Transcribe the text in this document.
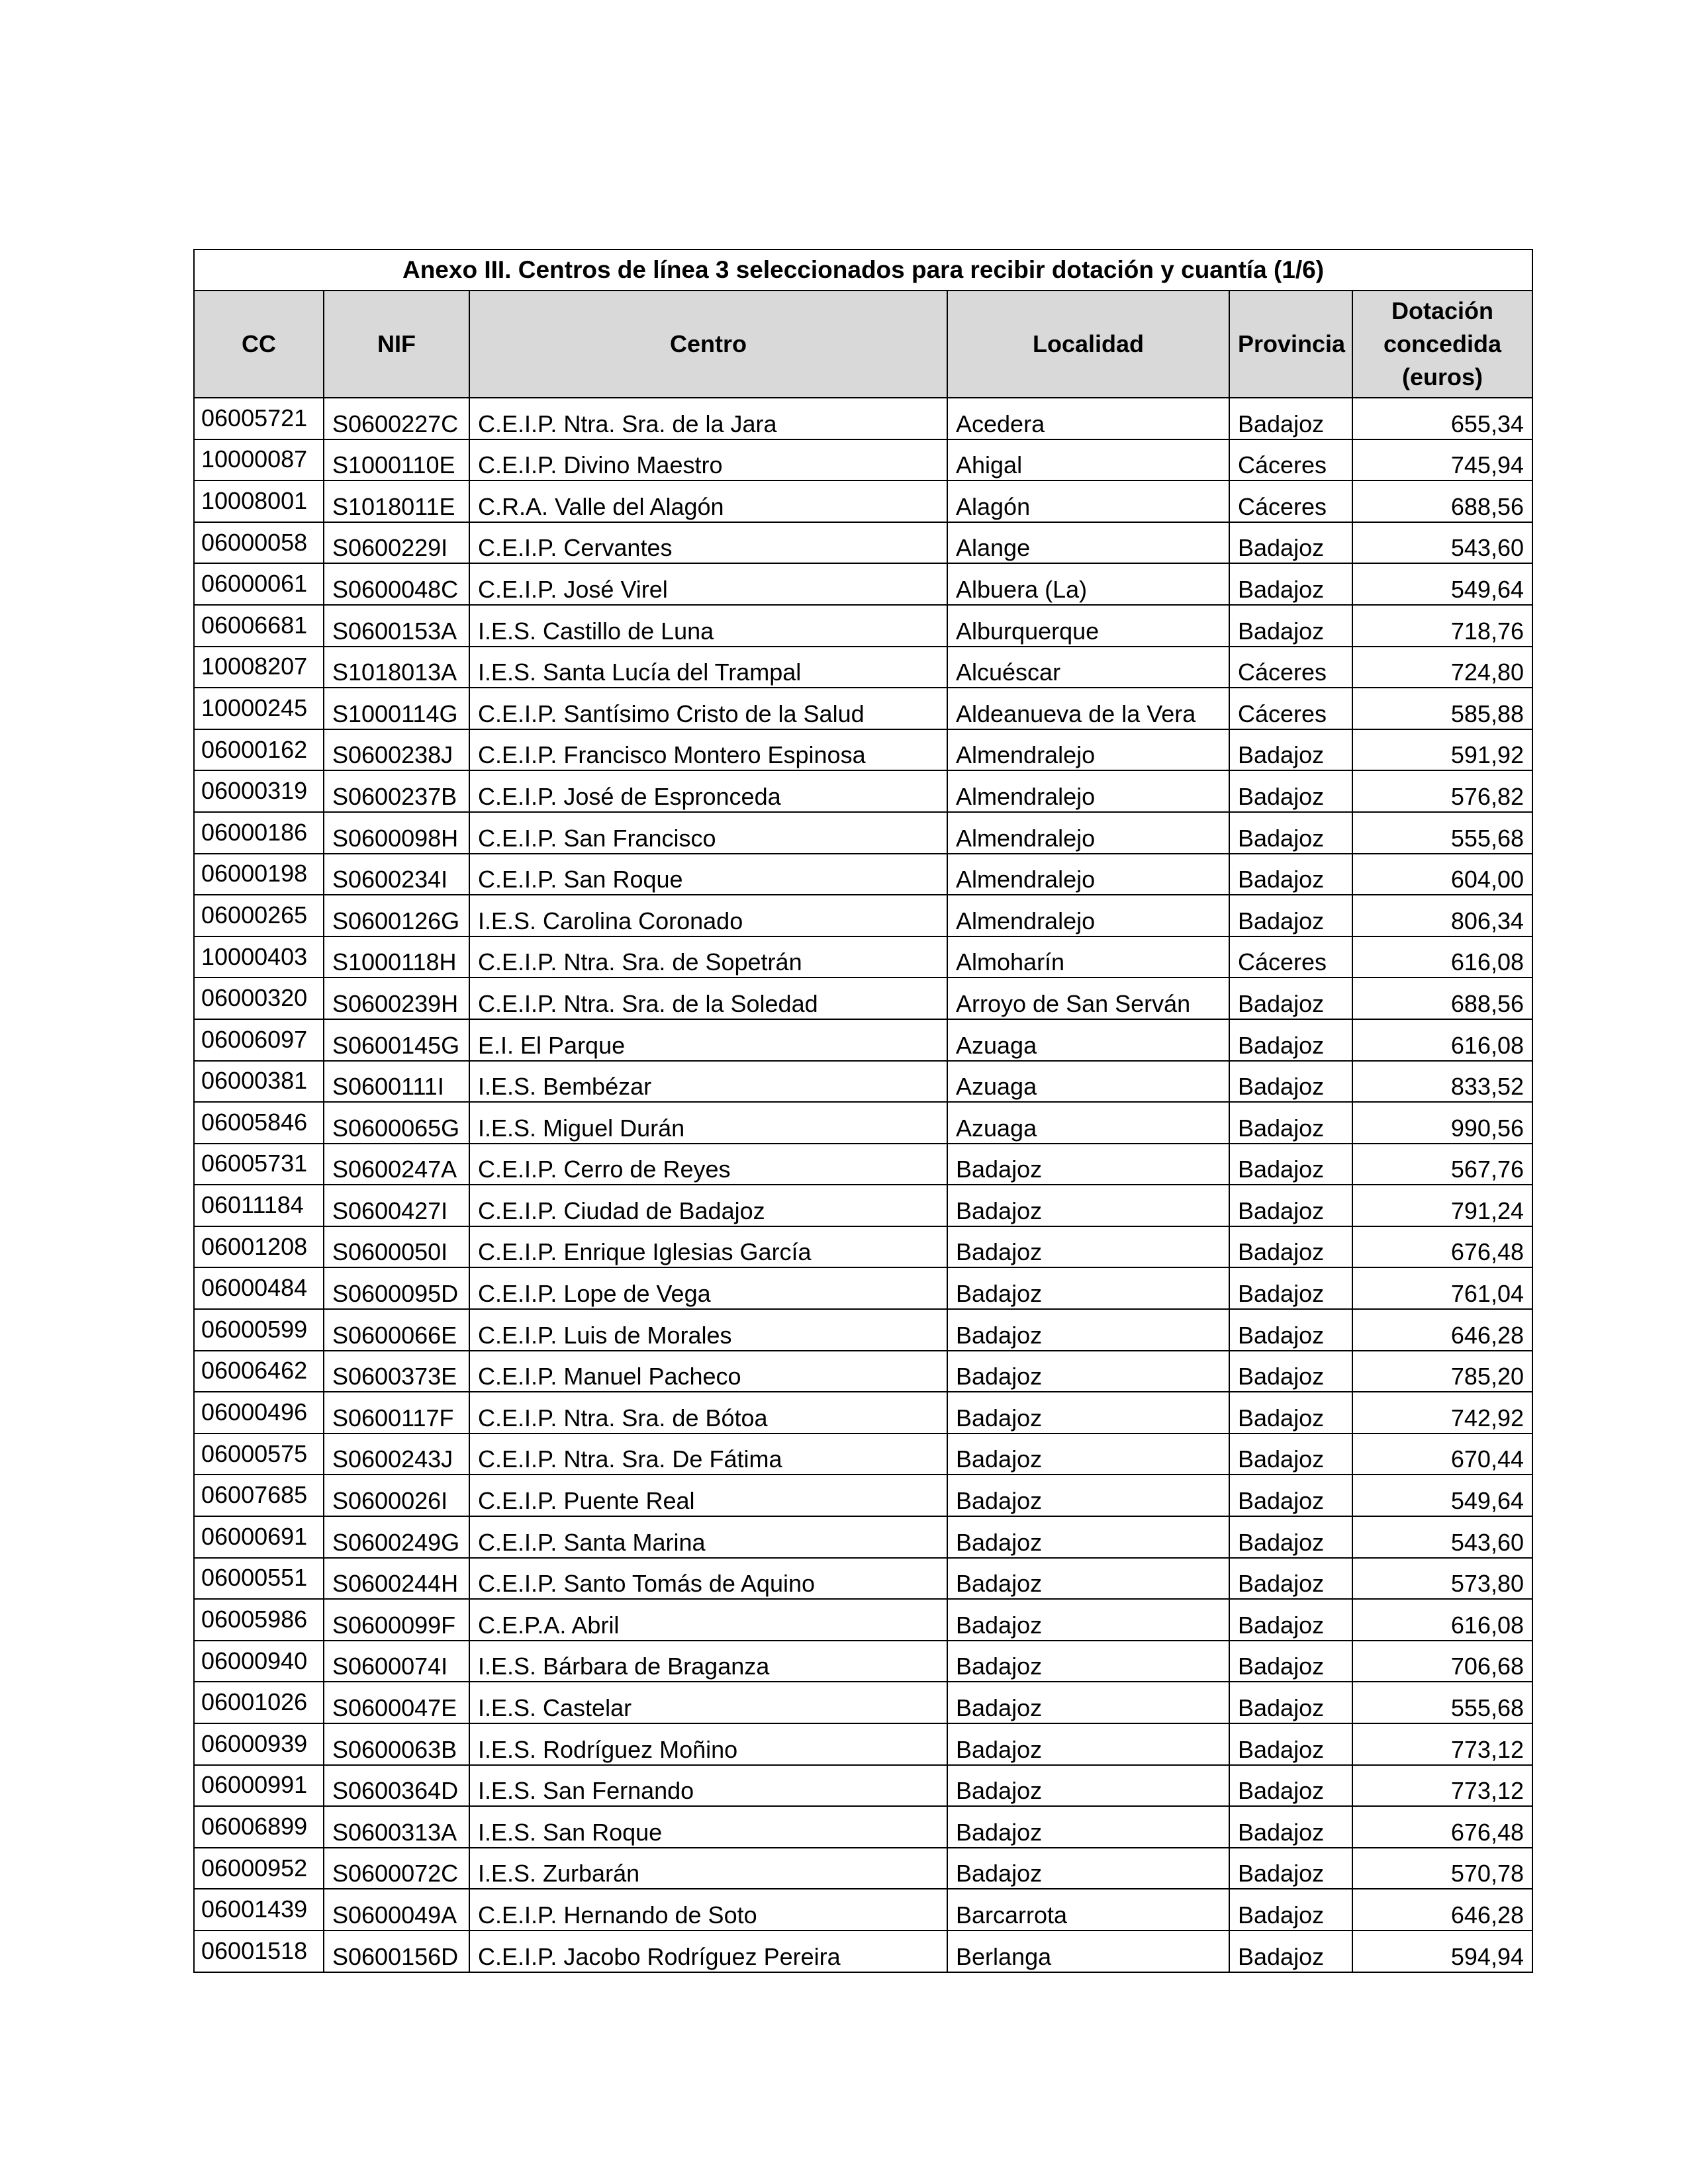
Anexo III. Centros de línea 3 seleccionados para recibir dotación y cuantía (1/6)					
CC	NIF	Centro	Localidad	Provincia	Dotación
concedida
(euros)

06005721	S0600227C	C.E.I.P. Ntra. Sra. de la Jara	Acedera	Badajoz	655,34
10000087	S1000110E	C.E.I.P. Divino Maestro	Ahigal	Cáceres	745,94
10008001	S1018011E	C.R.A. Valle del Alagón	Alagón	Cáceres	688,56
06000058	S0600229I	C.E.I.P. Cervantes	Alange	Badajoz	543,60
06000061	S0600048C	C.E.I.P. José Virel	Albuera (La)	Badajoz	549,64
06006681	S0600153A	I.E.S. Castillo de Luna	Alburquerque	Badajoz	718,76
10008207	S1018013A	I.E.S. Santa Lucía del Trampal	Alcuéscar	Cáceres	724,80
10000245	S1000114G	C.E.I.P. Santísimo Cristo de la Salud	Aldeanueva de la Vera	Cáceres	585,88
06000162	S0600238J	C.E.I.P. Francisco Montero Espinosa	Almendralejo	Badajoz	591,92
06000319	S0600237B	C.E.I.P. José de Espronceda	Almendralejo	Badajoz	576,82
06000186	S0600098H	C.E.I.P. San Francisco	Almendralejo	Badajoz	555,68
06000198	S0600234I	C.E.I.P. San Roque	Almendralejo	Badajoz	604,00
06000265	S0600126G	I.E.S. Carolina Coronado	Almendralejo	Badajoz	806,34
10000403	S1000118H	C.E.I.P. Ntra. Sra. de Sopetrán	Almoharín	Cáceres	616,08
06000320	S0600239H	C.E.I.P. Ntra. Sra. de la Soledad	Arroyo de San Serván	Badajoz	688,56
06006097	S0600145G	E.I. El Parque	Azuaga	Badajoz	616,08
06000381	S0600111I	I.E.S. Bembézar	Azuaga	Badajoz	833,52
06005846	S0600065G	I.E.S. Miguel Durán	Azuaga	Badajoz	990,56
06005731	S0600247A	C.E.I.P. Cerro de Reyes	Badajoz	Badajoz	567,76
06011184	S0600427I	C.E.I.P. Ciudad de Badajoz	Badajoz	Badajoz	791,24
06001208	S0600050I	C.E.I.P. Enrique Iglesias García	Badajoz	Badajoz	676,48
06000484	S0600095D	C.E.I.P. Lope de Vega	Badajoz	Badajoz	761,04
06000599	S0600066E	C.E.I.P. Luis de Morales	Badajoz	Badajoz	646,28
06006462	S0600373E	C.E.I.P. Manuel Pacheco	Badajoz	Badajoz	785,20
06000496	S0600117F	C.E.I.P. Ntra. Sra. de Bótoa	Badajoz	Badajoz	742,92
06000575	S0600243J	C.E.I.P. Ntra. Sra. De Fátima	Badajoz	Badajoz	670,44
06007685	S0600026I	C.E.I.P. Puente Real	Badajoz	Badajoz	549,64
06000691	S0600249G	C.E.I.P. Santa Marina	Badajoz	Badajoz	543,60
06000551	S0600244H	C.E.I.P. Santo Tomás de Aquino	Badajoz	Badajoz	573,80
06005986	S0600099F	C.E.P.A. Abril	Badajoz	Badajoz	616,08
06000940	S0600074I	I.E.S. Bárbara de Braganza	Badajoz	Badajoz	706,68
06001026	S0600047E	I.E.S. Castelar	Badajoz	Badajoz	555,68
06000939	S0600063B	I.E.S. Rodríguez Moñino	Badajoz	Badajoz	773,12
06000991	S0600364D	I.E.S. San Fernando	Badajoz	Badajoz	773,12
06006899	S0600313A	I.E.S. San Roque	Badajoz	Badajoz	676,48
06000952	S0600072C	I.E.S. Zurbarán	Badajoz	Badajoz	570,78
06001439	S0600049A	C.E.I.P. Hernando de Soto	Barcarrota	Badajoz	646,28
06001518	S0600156D	C.E.I.P. Jacobo Rodríguez Pereira	Berlanga	Badajoz	594,94
